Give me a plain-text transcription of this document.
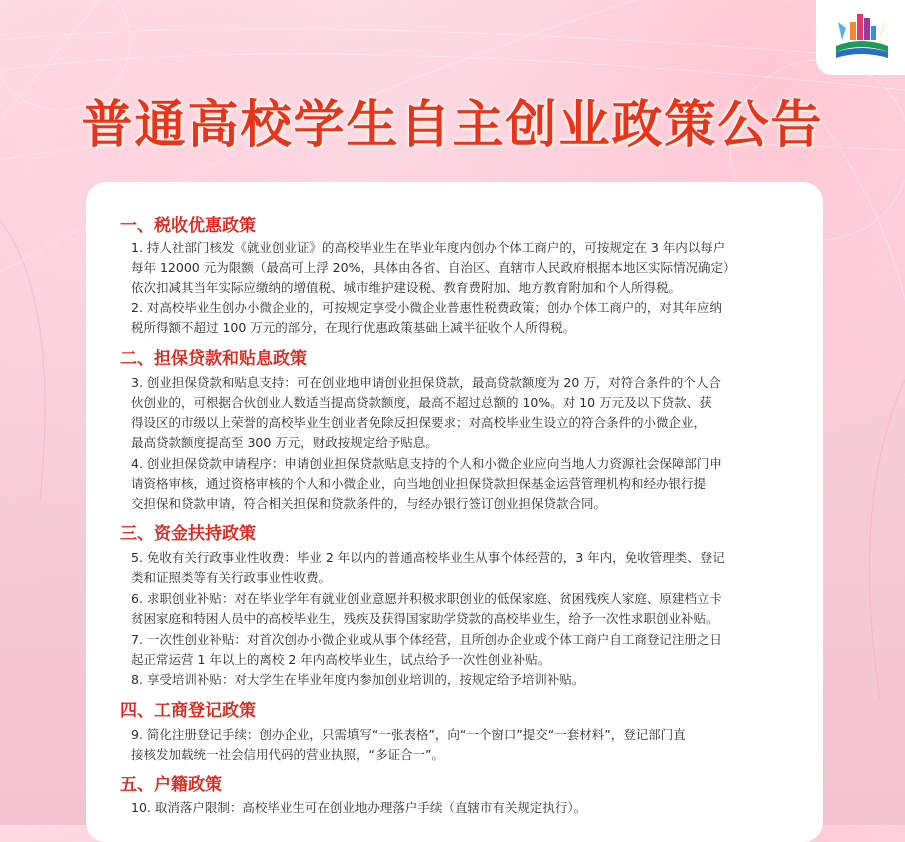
普通高校学生自主创业政策公告
一、税收优惠政策
1. 持人社部门核发《就业创业证》的高校毕业生在毕业年度内创办个体工商户的，可按规定在 3 年内以每户
每年 12000 元为限额（最高可上浮 20%，具体由各省、自治区、直辖市人民政府根据本地区实际情况确定）
依次扣减其当年实际应缴纳的增值税、城市维护建设税、教育费附加、地方教育附加和个人所得税。
2. 对高校毕业生创办小微企业的，可按规定享受小微企业普惠性税费政策；创办个体工商户的，对其年应纳
税所得额不超过 100 万元的部分，在现行优惠政策基础上减半征收个人所得税。
二、担保贷款和贴息政策
3. 创业担保贷款和贴息支持：可在创业地申请创业担保贷款，最高贷款额度为 20 万，对符合条件的个人合
伙创业的，可根据合伙创业人数适当提高贷款额度，最高不超过总额的 10%。对 10 万元及以下贷款、获
得设区的市级以上荣誉的高校毕业生创业者免除反担保要求；对高校毕业生设立的符合条件的小微企业，
最高贷款额度提高至 300 万元，财政按规定给予贴息。
4. 创业担保贷款申请程序：申请创业担保贷款贴息支持的个人和小微企业应向当地人力资源社会保障部门申
请资格审核，通过资格审核的个人和小微企业，向当地创业担保贷款担保基金运营管理机构和经办银行提
交担保和贷款申请，符合相关担保和贷款条件的，与经办银行签订创业担保贷款合同。
三、资金扶持政策
5. 免收有关行政事业性收费：毕业 2 年以内的普通高校毕业生从事个体经营的，3 年内，免收管理类、登记
类和证照类等有关行政事业性收费。
6. 求职创业补贴：对在毕业学年有就业创业意愿并积极求职创业的低保家庭、贫困残疾人家庭、原建档立卡
贫困家庭和特困人员中的高校毕业生，残疾及获得国家助学贷款的高校毕业生，给予一次性求职创业补贴。
7. 一次性创业补贴：对首次创办小微企业或从事个体经营，且所创办企业或个体工商户自工商登记注册之日
起正常运营 1 年以上的离校 2 年内高校毕业生，试点给予一次性创业补贴。
8. 享受培训补贴：对大学生在毕业年度内参加创业培训的，按规定给予培训补贴。
四、工商登记政策
9. 简化注册登记手续：创办企业，只需填写“一张表格”，向“一个窗口”提交“一套材料”，登记部门直
接核发加载统一社会信用代码的营业执照，“多证合一”。
五、户籍政策
10. 取消落户限制：高校毕业生可在创业地办理落户手续（直辖市有关规定执行）。
